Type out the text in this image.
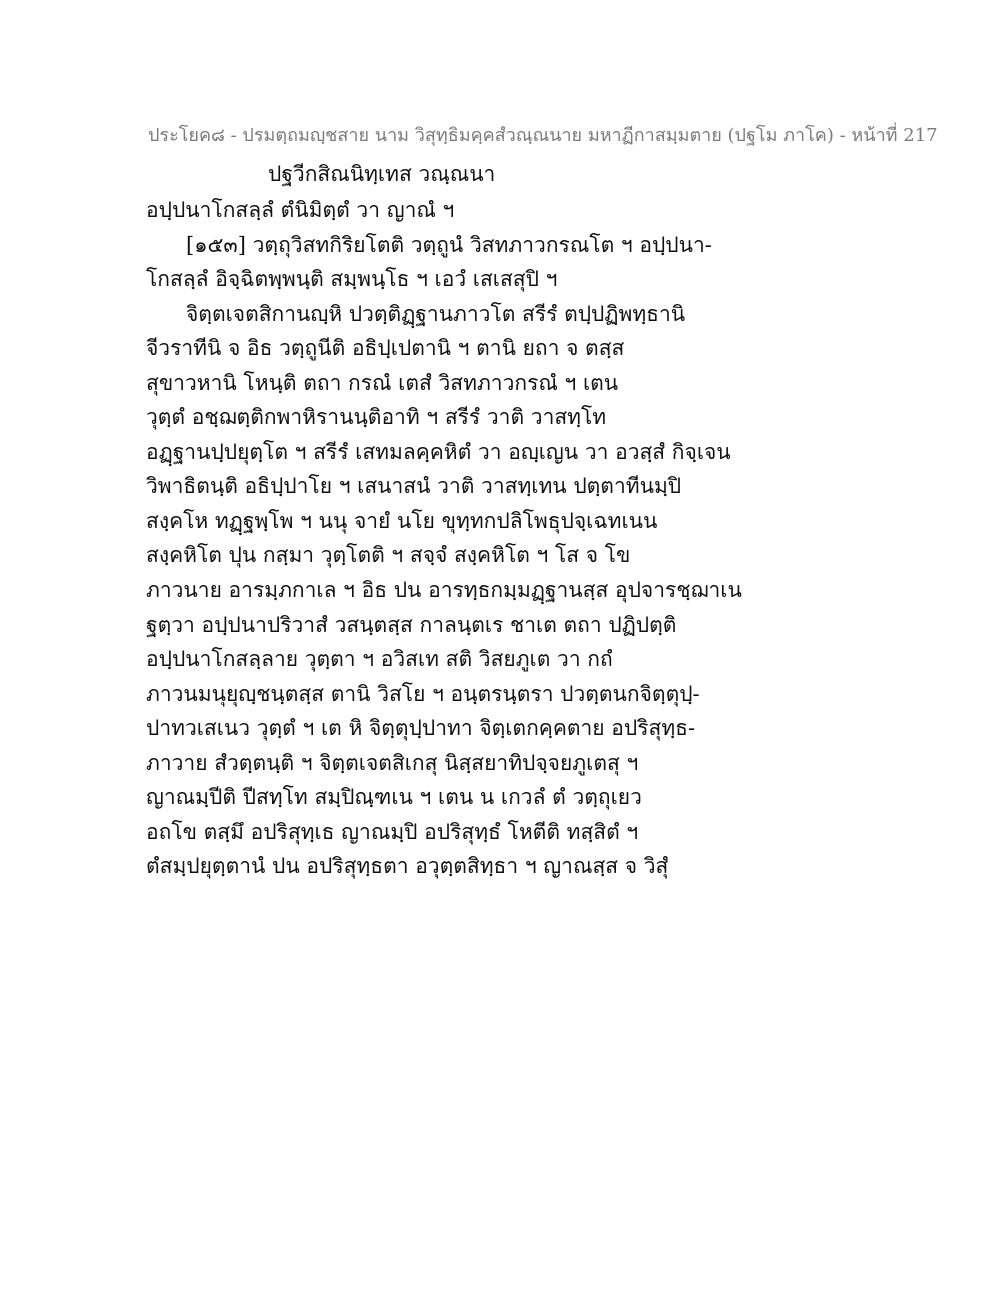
ประโยค๘ - ปรมตฺถมญฺชสาย นาม วิสุทฺธิมคฺคสํวณฺณนาย มหาฏีกาสมฺมตาย (ปฐโม ภาโค) - หน้าที่ 217
ปฐวีกสิณนิทฺเทส วณฺณนา
อปฺปนาโกสลฺลํ ตํนิมิตฺตํ วา ญาณํ ฯ
[๑๕๓] วตฺถุวิสทกิริยโตติ วตฺถูนํ วิสทภาวกรณโต ฯ อปฺปนา-
โกสลฺลํ อิจฺฉิตพฺพนฺติ สมฺพนฺโธ ฯ เอวํ เสเสสุปิ ฯ
จิตฺตเจตสิกานญฺหิ ปวตฺติฏฺฐานภาวโต สรีรํ ตปฺปฏิพทฺธานิ
จีวราทีนิ จ อิธ วตฺถูนีติ อธิปฺเปตานิ ฯ ตานิ ยถา จ ตสฺส
สุขาวหานิ โหนฺติ ตถา กรณํ เตสํ วิสทภาวกรณํ ฯ เตน
วุตฺตํ อชฺฌตฺติกพาหิรานนฺติอาทิ ฯ สรีรํ วาติ วาสทฺโท
อฏฺฐานปฺปยุตฺโต ฯ สรีรํ เสทมลคฺคหิตํ วา อญฺเญน วา อวสฺสํ กิจฺเจน
วิพาธิตนฺติ อธิปฺปาโย ฯ เสนาสนํ วาติ วาสทฺเทน ปตฺตาทีนมฺปิ
สงฺคโห ทฏฺฐพฺโพ ฯ นนุ จายํ นโย ขุทฺทกปลิโพธุปจฺเฉทเนน
สงฺคหิโต ปุน กสฺมา วุตฺโตติ ฯ สจฺจํ สงฺคหิโต ฯ โส จ โข
ภาวนาย อารมฺภกาเล ฯ อิธ ปน อารทฺธกมฺมฏฺฐานสฺส อุปจารชฺฌาเน
ฐตฺวา อปฺปนาปริวาสํ วสนฺตสฺส กาลนฺตเร ชาเต ตถา ปฏิปตฺติ
อปฺปนาโกสลฺลาย วุตฺตา ฯ อวิสเท สติ วิสยภูเต วา กถํ
ภาวนมนุยุญฺชนฺตสฺส ตานิ วิสโย ฯ อนฺตรนฺตรา ปวตฺตนกจิตฺตุปฺ-
ปาทวเสเนว วุตฺตํ ฯ เต หิ จิตฺตุปฺปาทา จิตฺเตกคฺคตาย อปริสุทฺธ-
ภาวาย สํวตฺตนฺติ ฯ จิตฺตเจตสิเกสุ นิสฺสยาทิปจฺจยภูเตสุ ฯ
ญาณมฺปีติ ปีสทฺโท สมฺปิณฺฑเน ฯ เตน น เกวลํ ตํ วตฺถุเยว
อถโข ตสฺมึ อปริสุทฺเธ ญาณมฺปิ อปริสุทฺธํ โหตีติ ทสฺสิตํ ฯ
ตํสมฺปยุตฺตานํ ปน อปริสุทฺธตา อวุตฺตสิทฺธา ฯ ญาณสฺส จ วิสุํ
